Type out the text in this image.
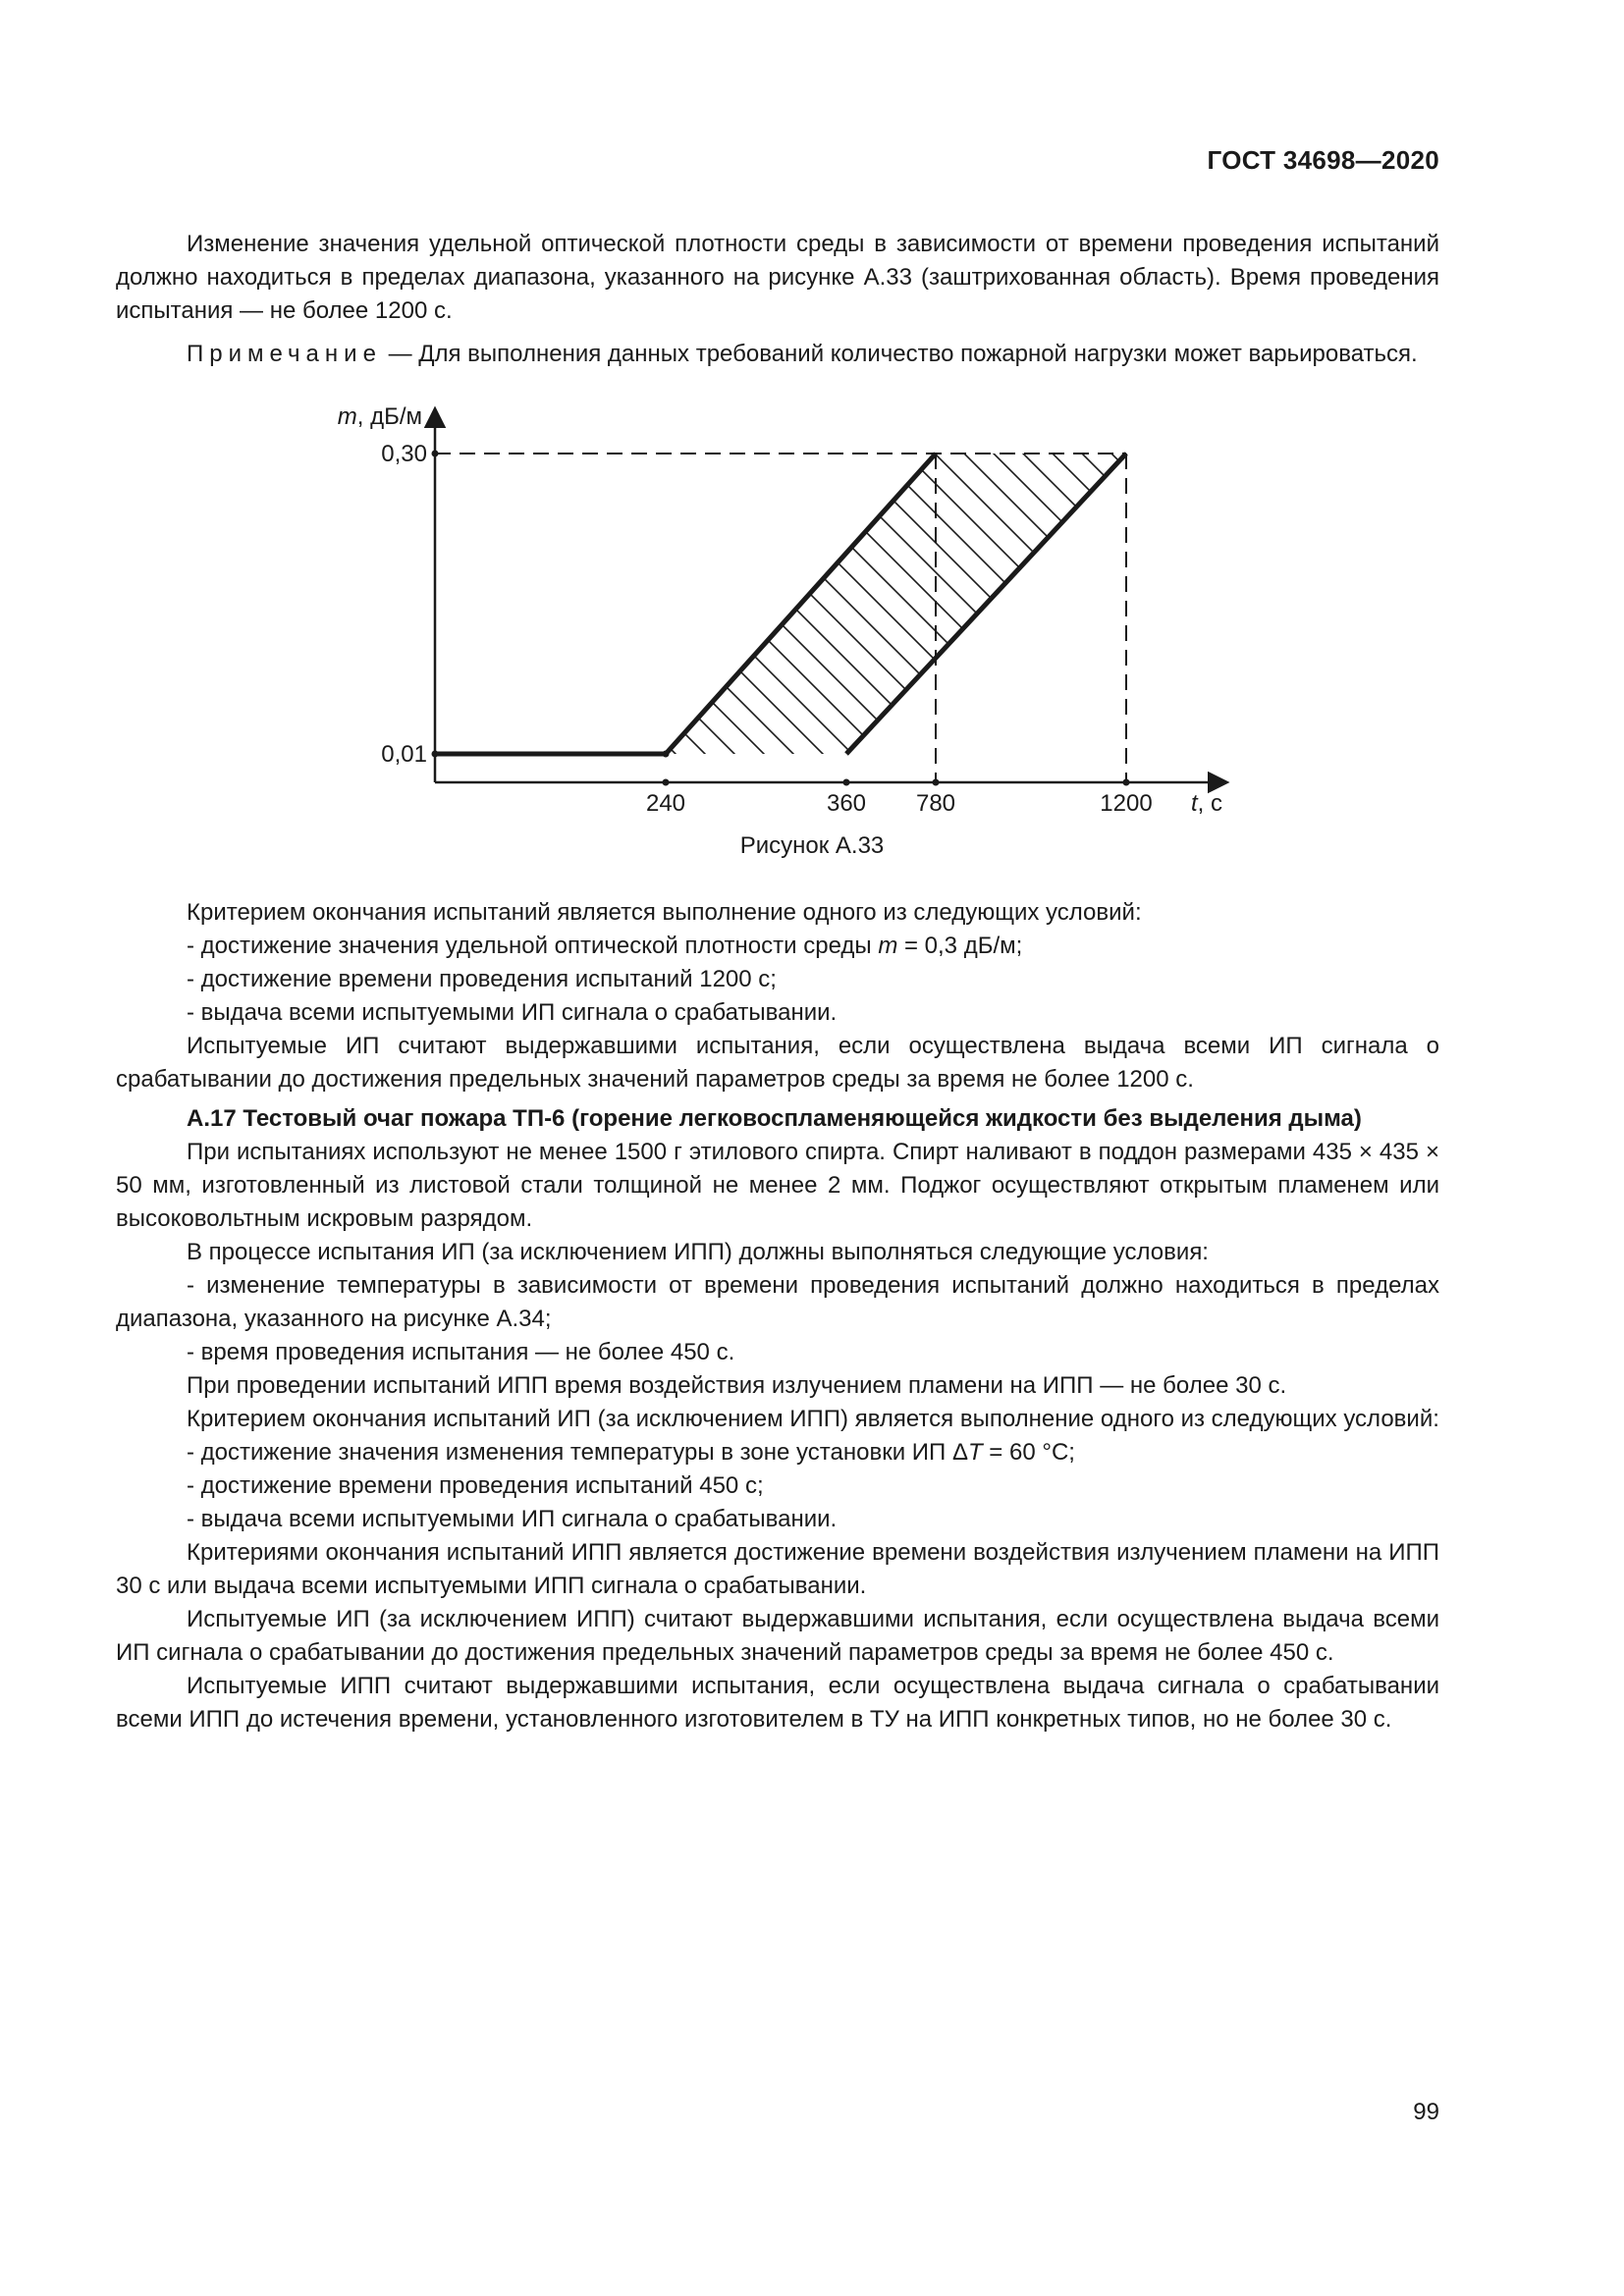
ГОСТ 34698—2020

Изменение значения удельной оптической плотности среды в зависимости от времени проведения испытаний должно находиться в пределах диапазона, указанного на рисунке А.33 (заштрихованная область). Время проведения испытания — не более 1200 с.

Примечание — Для выполнения данных требований количество пожарной нагрузки может варьироваться.

m, дБ/м
0,30
0,01
240	360 780	1200 t, с
Рисунок А.33

Критерием окончания испытаний является выполнение одного из следующих условий:

- достижение значения удельной оптической плотности среды m = 0,3 дБ/м;

- достижение времени проведения испытаний 1200 с;

- выдача всеми испытуемыми ИП сигнала о срабатывании.

Испытуемые ИП считают выдержавшими испытания, если осуществлена выдача всеми ИП сигнала о срабатывании до достижения предельных значений параметров среды за время не более 1200 с.

А.17 Тестовый очаг пожара ТП-6 (горение легковоспламеняющейся жидкости без выделения дыма)

При испытаниях используют не менее 1500 г этилового спирта. Спирт наливают в поддон размерами 435 × 435 × 50 мм, изготовленный из листовой стали толщиной не менее 2 мм. Поджог осуществляют открытым пламенем или высоковольтным искровым разрядом.

В процессе испытания ИП (за исключением ИПП) должны выполняться следующие условия:

- изменение температуры в зависимости от времени проведения испытаний должно находиться в пределах диапазона, указанного на рисунке А.34;

- время проведения испытания — не более 450 с.

При проведении испытаний ИПП время воздействия излучением пламени на ИПП — не более 30 с.

Критерием окончания испытаний ИП (за исключением ИПП) является выполнение одного из следующих условий:

- достижение значения изменения температуры в зоне установки ИП ΔT = 60 °С;

- достижение времени проведения испытаний 450 с;

- выдача всеми испытуемыми ИП сигнала о срабатывании.

Критериями окончания испытаний ИПП является достижение времени воздействия излучением пламени на ИПП 30 с или выдача всеми испытуемыми ИПП сигнала о срабатывании.

Испытуемые ИП (за исключением ИПП) считают выдержавшими испытания, если осуществлена выдача всеми ИП сигнала о срабатывании до достижения предельных значений параметров среды за время не более 450 с.

Испытуемые ИПП считают выдержавшими испытания, если осуществлена выдача сигнала о срабатывании всеми ИПП до истечения времени, установленного изготовителем в ТУ на ИПП конкретных типов, но не более 30 с.

99
